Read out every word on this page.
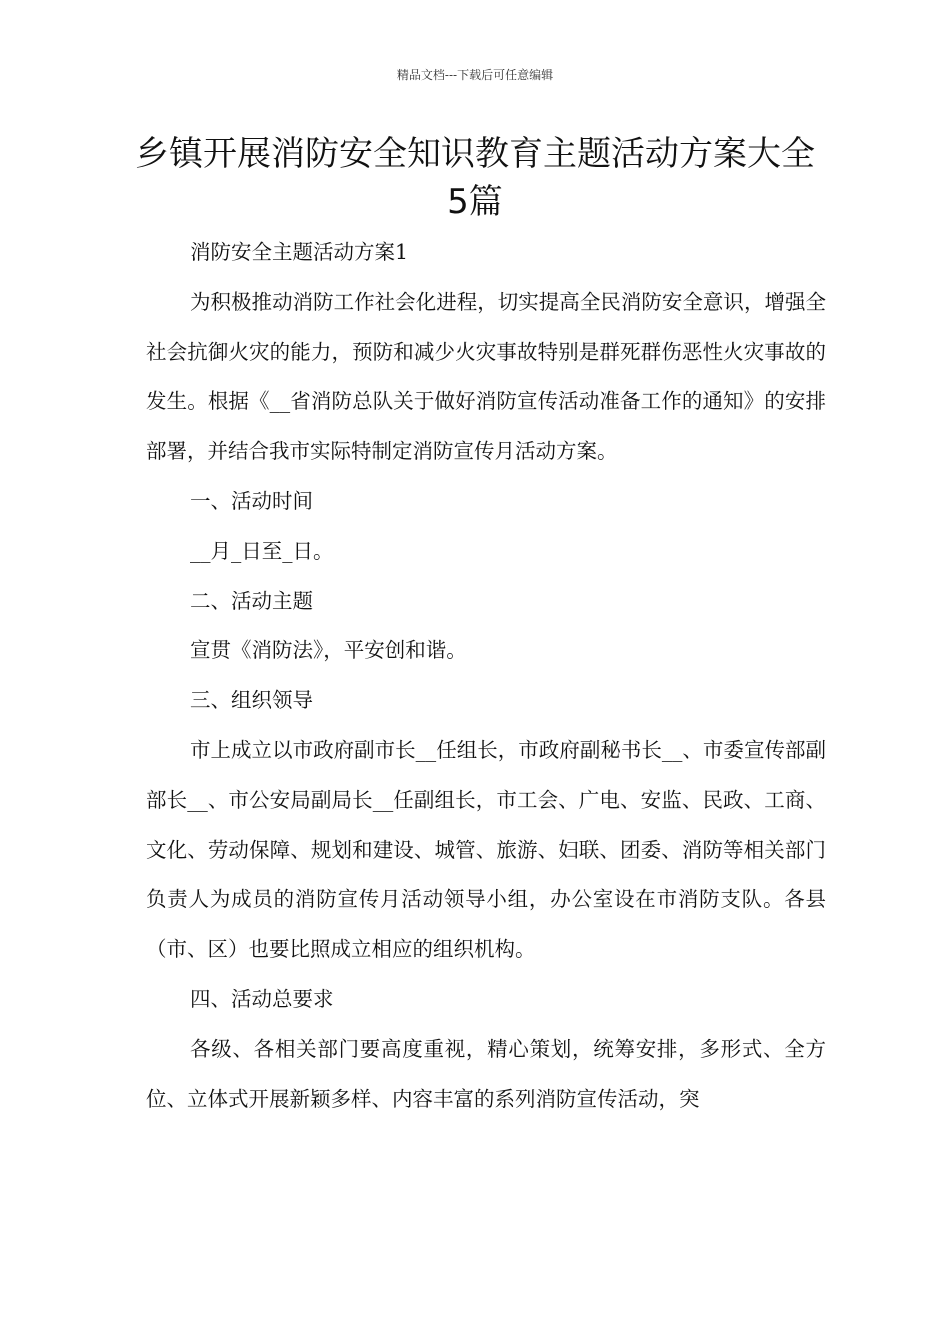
精品文档---下载后可任意编辑
乡镇开展消防安全知识教育主题活动方案大全5篇

消防安全主题活动方案1

为积极推动消防工作社会化进程，切实提高全民消防安全意识，增强全社会抗御火灾的能力，预防和减少火灾事故特别是群死群伤恶性火灾事故的发生。根据《__省消防总队关于做好消防宣传活动准备工作的通知》的安排部署，并结合我市实际特制定消防宣传月活动方案。

一、活动时间

__月_日至_日。

二、活动主题

宣贯《消防法》，平安创和谐。

三、组织领导

市上成立以市政府副市长__任组长，市政府副秘书长__、市委宣传部副部长__、市公安局副局长__任副组长，市工会、广电、安监、民政、工商、文化、劳动保障、规划和建设、城管、旅游、妇联、团委、消防等相关部门负责人为成员的消防宣传月活动领导小组，办公室设在市消防支队。各县（市、区）也要比照成立相应的组织机构。

四、活动总要求

各级、各相关部门要高度重视，精心策划，统筹安排，多形式、全方位、立体式开展新颖多样、内容丰富的系列消防宣传活动，突
